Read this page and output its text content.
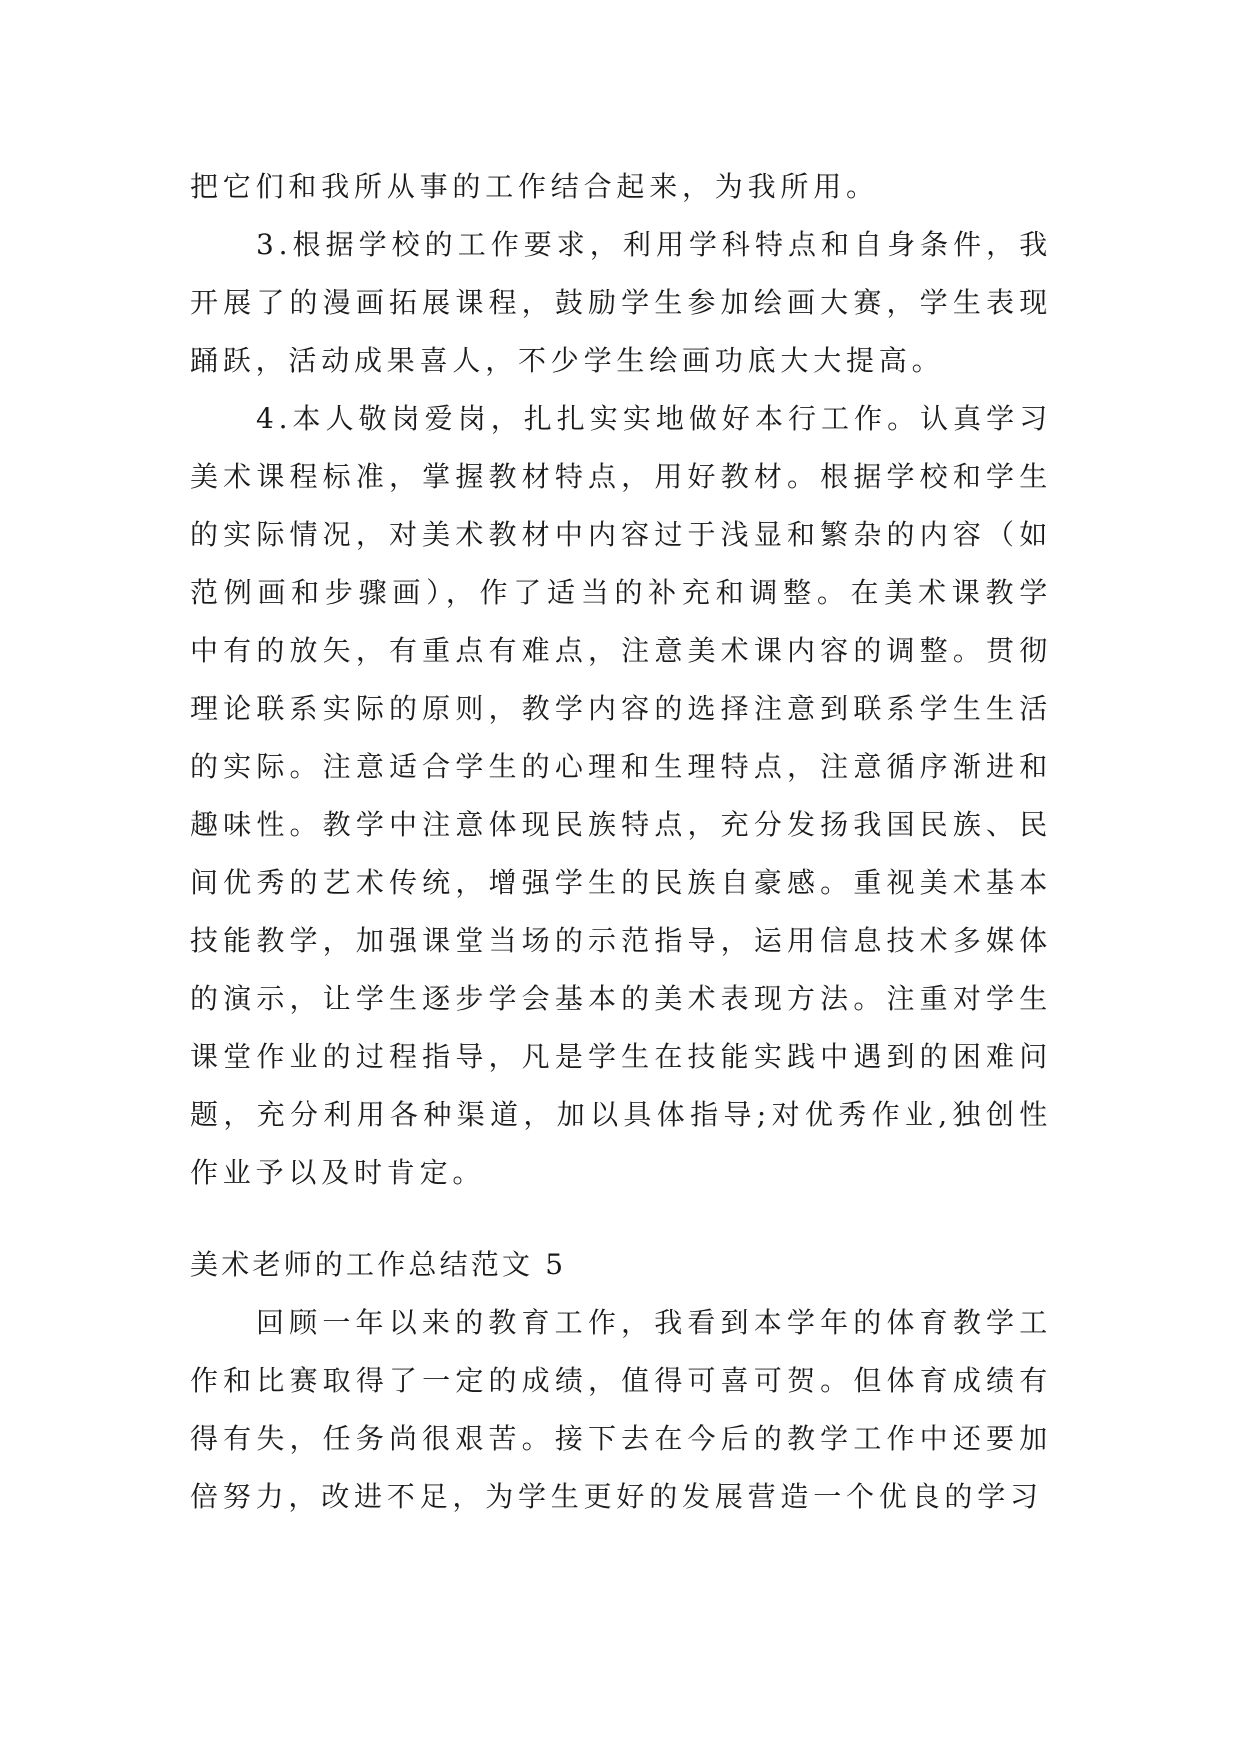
把它们和我所从事的工作结合起来，为我所用。

3.根据学校的工作要求，利用学科特点和自身条件，我开展了的漫画拓展课程，鼓励学生参加绘画大赛，学生表现踊跃，活动成果喜人，不少学生绘画功底大大提高。

4.本人敬岗爱岗，扎扎实实地做好本行工作。认真学习美术课程标准，掌握教材特点，用好教材。根据学校和学生的实际情况，对美术教材中内容过于浅显和繁杂的内容（如范例画和步骤画），作了适当的补充和调整。在美术课教学中有的放矢，有重点有难点，注意美术课内容的调整。贯彻理论联系实际的原则，教学内容的选择注意到联系学生生活的实际。注意适合学生的心理和生理特点，注意循序渐进和趣味性。教学中注意体现民族特点，充分发扬我国民族、民间优秀的艺术传统，增强学生的民族自豪感。重视美术基本技能教学，加强课堂当场的示范指导，运用信息技术多媒体的演示，让学生逐步学会基本的美术表现方法。注重对学生课堂作业的过程指导，凡是学生在技能实践中遇到的困难问题，充分利用各种渠道，加以具体指导;对优秀作业,独创性作业予以及时肯定。

美术老师的工作总结范文 5

回顾一年以来的教育工作，我看到本学年的体育教学工作和比赛取得了一定的成绩，值得可喜可贺。但体育成绩有得有失，任务尚很艰苦。接下去在今后的教学工作中还要加倍努力，改进不足，为学生更好的发展营造一个优良的学习
